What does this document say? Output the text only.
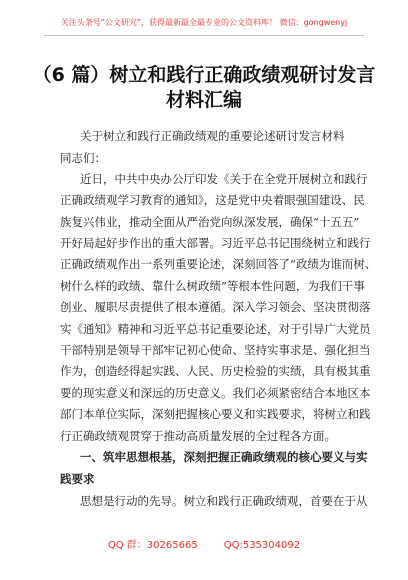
关注头条号“公文研究”，获得最新最全最专业的公文资料库！ 微信：gongwenyj
（6 篇）树立和践行正确政绩观研讨发言
材料汇编
关于树立和践行正确政绩观的重要论述研讨发言材料
同志们：
近日，中共中央办公厅印发《关于在全党开展树立和践行
正确政绩观学习教育的通知》，这是党中央着眼强国建设、民
族复兴伟业，推动全面从严治党向纵深发展，确保“十五五”
开好局起好步作出的重大部署。习近平总书记围绕树立和践行
正确政绩观作出一系列重要论述，深刻回答了“政绩为谁而树、
树什么样的政绩、靠什么树政绩”等根本性问题，为我们干事
创业、履职尽责提供了根本遵循。深入学习领会、坚决贯彻落
实《通知》精神和习近平总书记重要论述，对于引导广大党员
干部特别是领导干部牢记初心使命、坚持实事求是、强化担当
作为，创造经得起实践、人民、历史检验的实绩，具有极其重
要的现实意义和深远的历史意义。我们必须紧密结合本地区本
部门本单位实际，深刻把握核心要义和实践要求，将树立和践
行正确政绩观贯穿于推动高质量发展的全过程各方面。
一、筑牢思想根基，深刻把握正确政绩观的核心要义与实
践要求
思想是行动的先导。树立和践行正确政绩观，首要在于从
QQ 群：30265665	QQ:535304092
